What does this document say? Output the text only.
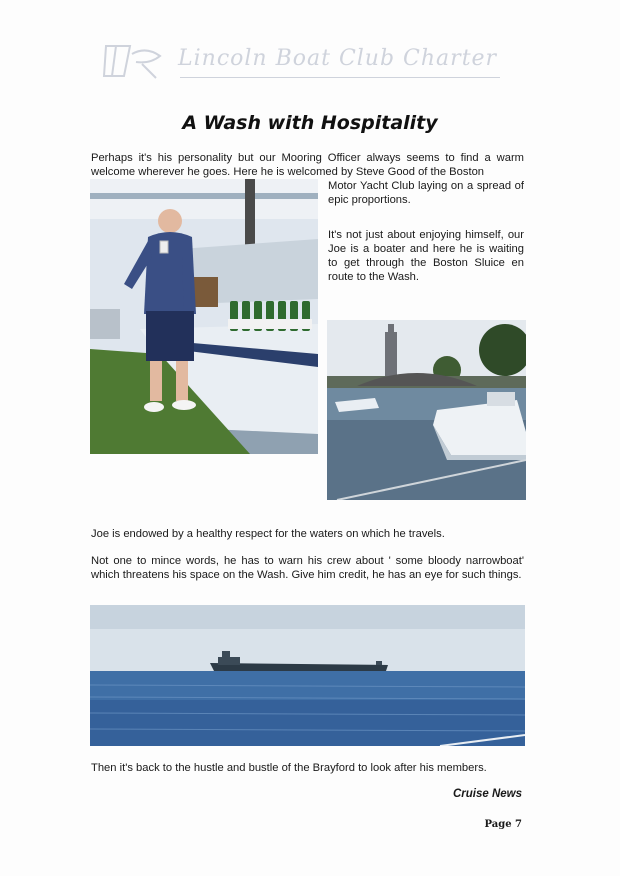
Lincoln Boat Club Charter
A Wash with Hospitality
Perhaps it's his personality but our Mooring Officer always seems to find a warm welcome wherever he goes. Here he is welcomed by Steve Good of the Boston
Motor Yacht Club laying on a spread of epic proportions.
It's not just about enjoying himself, our Joe is a boater and here he is waiting to get through the Boston Sluice en route to the Wash.
Joe is endowed by a healthy respect for the waters on which he travels.
Not one to mince words, he has to warn his crew about ' some bloody narrowboat' which threatens his space on the Wash. Give him credit, he has an eye for such things.
Then it's back to the hustle and bustle of the Brayford to look after his members.
Cruise News
Page 7
